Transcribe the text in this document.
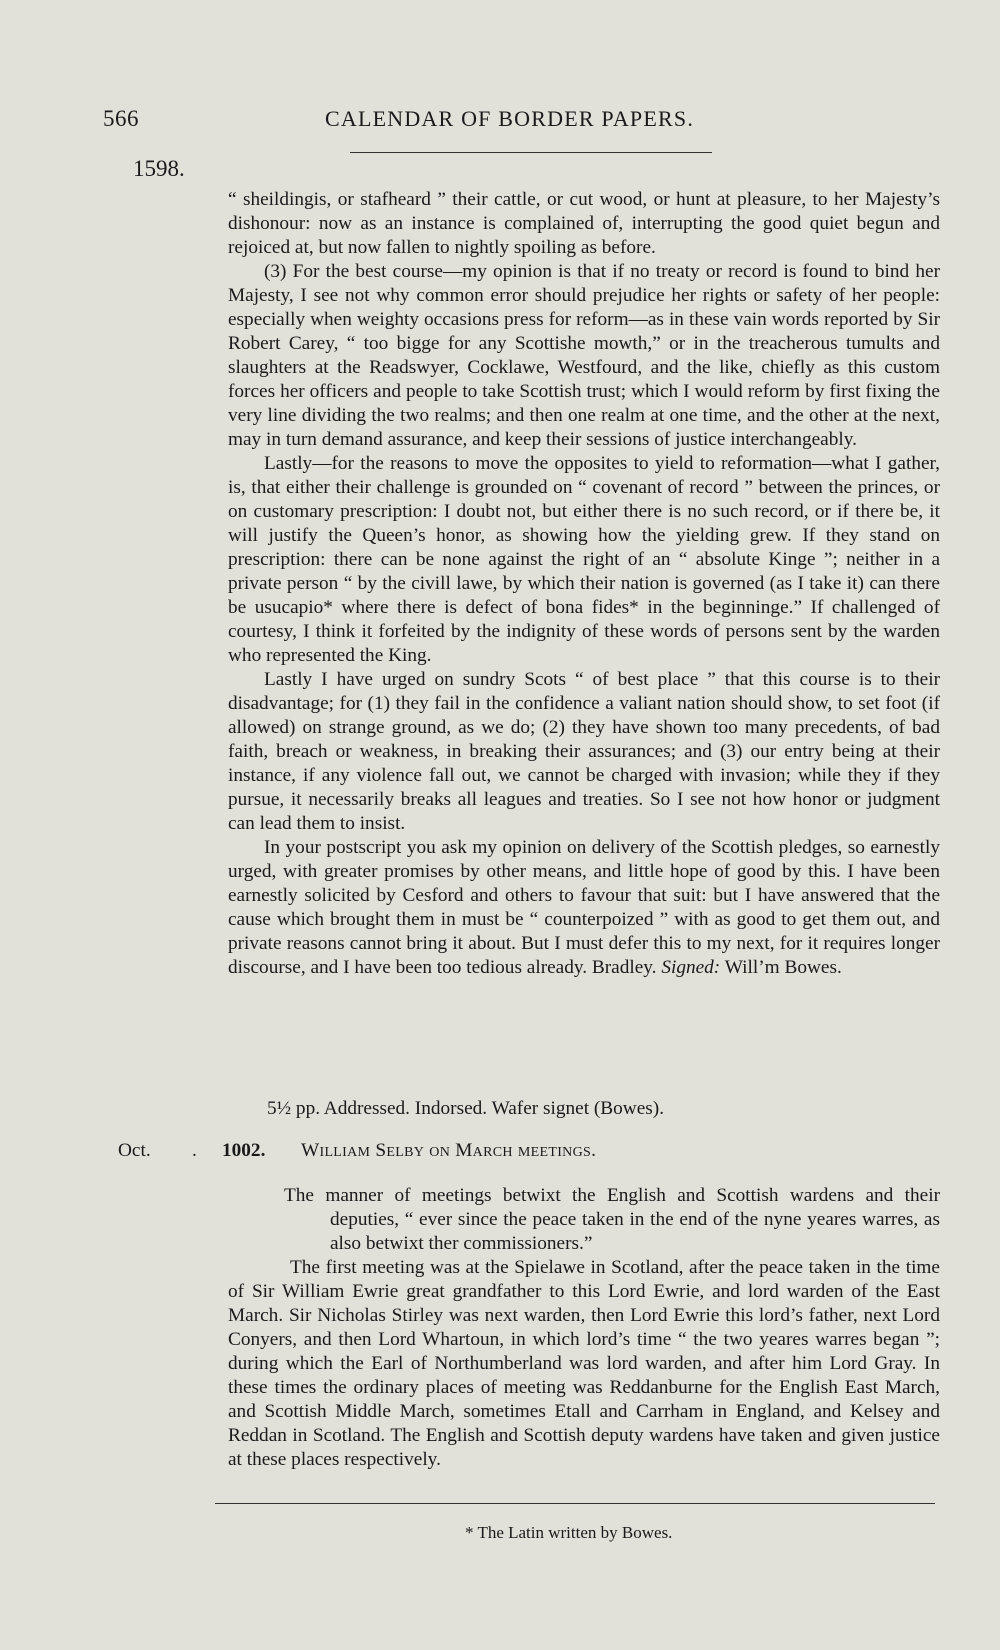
566	CALENDAR OF BORDER PAPERS.
1598.

“ sheildingis, or stafheard ” their cattle, or cut wood, or hunt at pleasure, to her Majesty’s dishonour: now as an instance is complained of, interrupting the good quiet begun and rejoiced at, but now fallen to nightly spoiling as before.

(3) For the best course—my opinion is that if no treaty or record is found to bind her Majesty, I see not why common error should prejudice her rights or safety of her people: especially when weighty occasions press for reform—as in these vain words reported by Sir Robert Carey, “ too bigge for any Scottishe mowth,” or in the treacherous tumults and slaughters at the Readswyer, Cocklawe, Westfourd, and the like, chiefly as this custom forces her officers and people to take Scottish trust; which I would reform by first fixing the very line dividing the two realms; and then one realm at one time, and the other at the next, may in turn demand assurance, and keep their sessions of justice interchangeably.

Lastly—for the reasons to move the opposites to yield to reformation—what I gather, is, that either their challenge is grounded on “ covenant of record ” between the princes, or on customary prescription: I doubt not, but either there is no such record, or if there be, it will justify the Queen’s honor, as showing how the yielding grew. If they stand on prescription: there can be none against the right of an “ absolute Kinge ”; neither in a private person “ by the civill lawe, by which their nation is governed (as I take it) can there be usucapio* where there is defect of bona fides* in the beginninge.” If challenged of courtesy, I think it forfeited by the indignity of these words of persons sent by the warden who represented the King.

Lastly I have urged on sundry Scots “ of best place ” that this course is to their disadvantage; for (1) they fail in the confidence a valiant nation should show, to set foot (if allowed) on strange ground, as we do; (2) they have shown too many precedents, of bad faith, breach or weakness, in breaking their assurances; and (3) our entry being at their instance, if any violence fall out, we cannot be charged with invasion; while they if they pursue, it necessarily breaks all leagues and treaties. So I see not how honor or judgment can lead them to insist.

In your postscript you ask my opinion on delivery of the Scottish pledges, so earnestly urged, with greater promises by other means, and little hope of good by this. I have been earnestly solicited by Cesford and others to favour that suit: but I have answered that the cause which brought them in must be “ counterpoized ” with as good to get them out, and private reasons cannot bring it about. But I must defer this to my next, for it requires longer discourse, and I have been too tedious already. Bradley. Signed: Will’m Bowes.

5½ pp. Addressed. Indorsed. Wafer signet (Bowes).
Oct. . 1002. William Selby on March meetings.

The manner of meetings betwixt the English and Scottish wardens and their deputies, “ ever since the peace taken in the end of the nyne yeares warres, as also betwixt ther commissioners.”

The first meeting was at the Spielawe in Scotland, after the peace taken in the time of Sir William Ewrie great grandfather to this Lord Ewrie, and lord warden of the East March. Sir Nicholas Stirley was next warden, then Lord Ewrie this lord’s father, next Lord Conyers, and then Lord Whartoun, in which lord’s time “ the two yeares warres began ”; during which the Earl of Northumberland was lord warden, and after him Lord Gray. In these times the ordinary places of meeting was Reddanburne for the English East March, and Scottish Middle March, sometimes Etall and Carrham in England, and Kelsey and Reddan in Scotland. The English and Scottish deputy wardens have taken and given justice at these places respectively.

* The Latin written by Bowes.
